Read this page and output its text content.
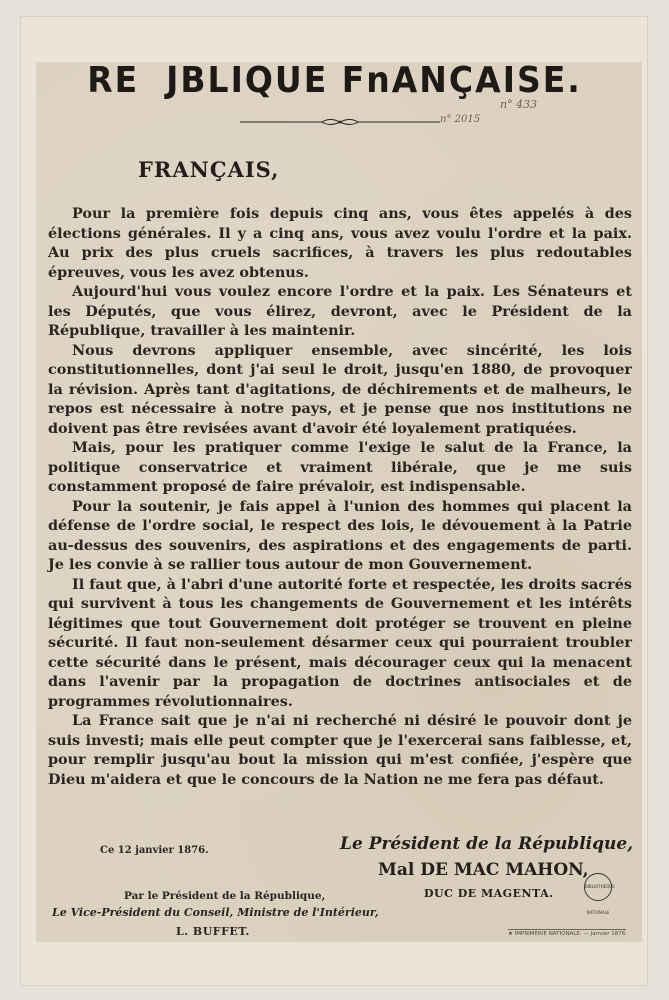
RE  JBLIQUE FnANÇAISE.
n° 433
n° 2015
FRANÇAIS,

Pour la première fois depuis cinq ans, vous êtes appelés à des élections générales. Il y a cinq ans, vous avez voulu l'ordre et la paix. Au prix des plus cruels sacrifices, à travers les plus redoutables épreuves, vous les avez obtenus.

Aujourd'hui vous voulez encore l'ordre et la paix. Les Sénateurs et les Députés, que vous élirez, devront, avec le Président de la République, travailler à les maintenir.

Nous devrons appliquer ensemble, avec sincérité, les lois constitutionnelles, dont j'ai seul le droit, jusqu'en 1880, de provoquer la révision. Après tant d'agitations, de déchirements et de malheurs, le repos est nécessaire à notre pays, et je pense que nos institutions ne doivent pas être revisées avant d'avoir été loyalement pratiquées.

Mais, pour les pratiquer comme l'exige le salut de la France, la politique conservatrice et vraiment libérale, que je me suis constamment proposé de faire prévaloir, est indispensable.

Pour la soutenir, je fais appel à l'union des hommes qui placent la défense de l'ordre social, le respect des lois, le dévouement à la Patrie au-dessus des souvenirs, des aspirations et des engagements de parti. Je les convie à se rallier tous autour de mon Gouvernement.

Il faut que, à l'abri d'une autorité forte et respectée, les droits sacrés qui survivent à tous les changements de Gouvernement et les intérêts légitimes que tout Gouvernement doit protéger se trouvent en pleine sécurité. Il faut non-seulement désarmer ceux qui pourraient troubler cette sécurité dans le présent, mais décourager ceux qui la menacent dans l'avenir par la propagation de doctrines antisociales et de programmes révolutionnaires.

La France sait que je n'ai ni recherché ni désiré le pouvoir dont je suis investi; mais elle peut compter que je l'exercerai sans faiblesse, et, pour remplir jusqu'au bout la mission qui m'est confiée, j'espère que Dieu m'aidera et que le concours de la Nation ne me fera pas défaut.

Ce 12 janvier 1876.	Le Président de la République,
Mal DE MAC MAHON,
DUC DE MAGENTA.
Par le Président de la République,
Le Vice-Président du Conseil, Ministre de l'Intérieur,
L. BUFFET.	★ IMPRIMERIE NATIONALE. — Janvier 1876.
BIBLIOTHÈQUE NATIONALE
